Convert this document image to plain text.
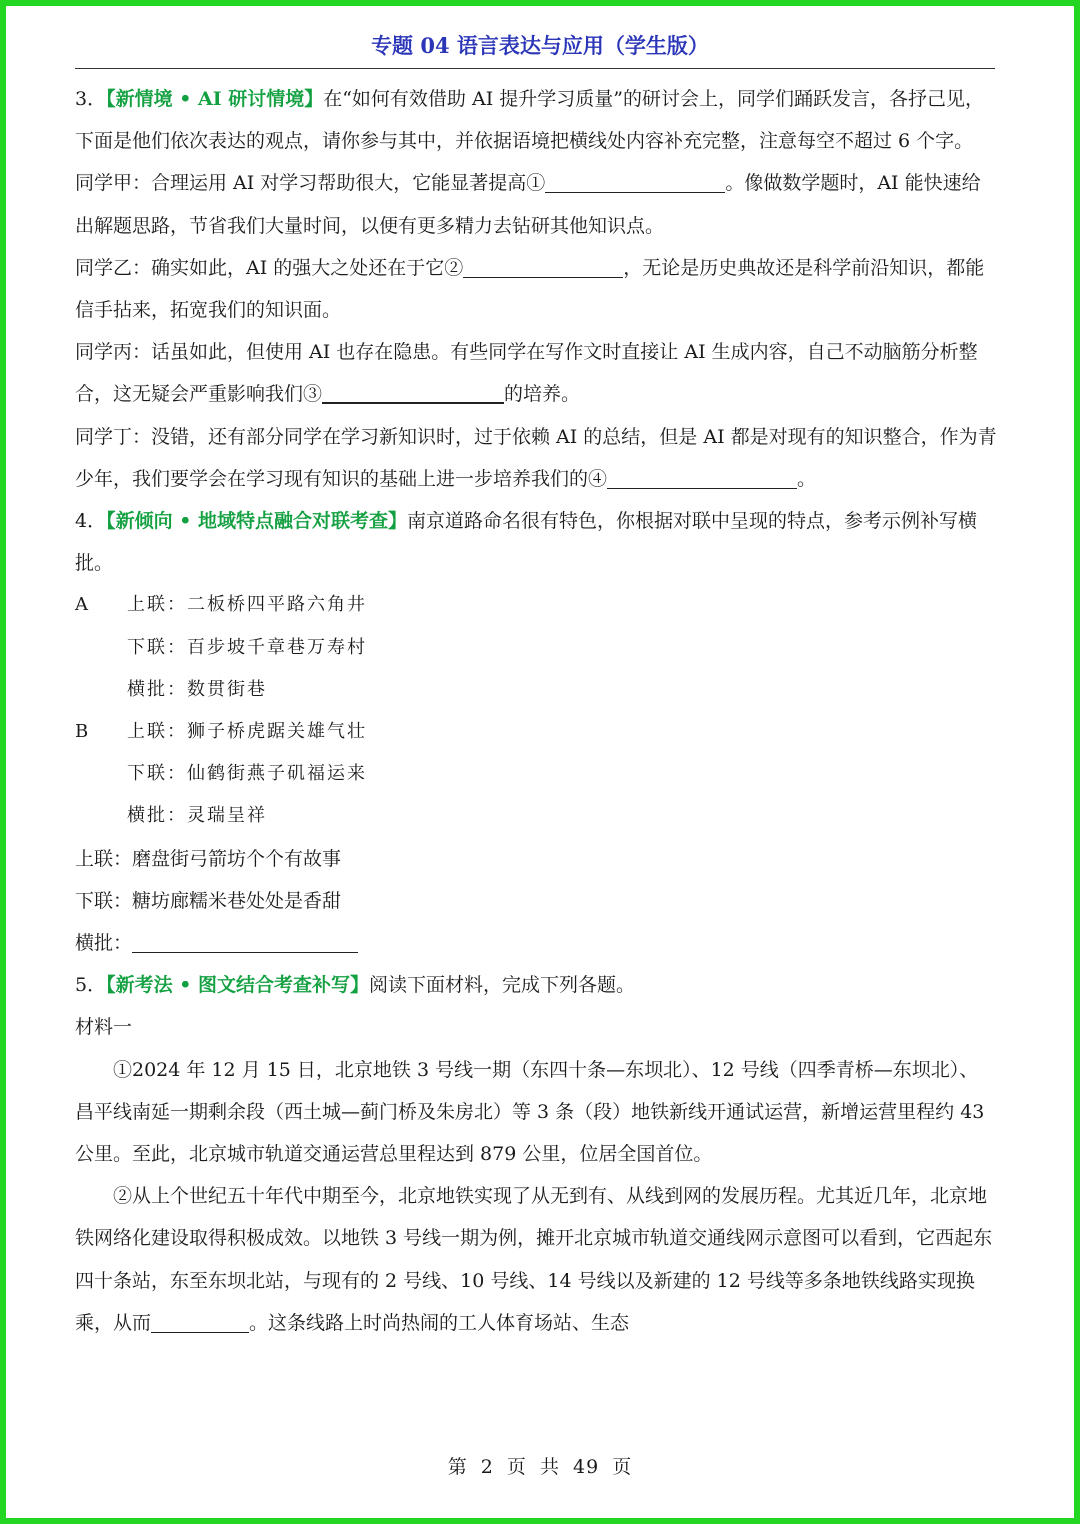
专题 04 语言表达与应用（学生版）

3．【新情境 • AI 研讨情境】在“如何有效借助 AI 提升学习质量”的研讨会上，同学们踊跃发言，各抒己见，下面是他们依次表达的观点，请你参与其中，并依据语境把横线处内容补充完整，注意每空不超过 6 个字。

同学甲：合理运用 AI 对学习帮助很大，它能显著提高①	。像做数学题时，AI 能快速给出解题思路，节省我们大量时间，以便有更多精力去钻研其他知识点。

同学乙：确实如此，AI 的强大之处还在于它②	，无论是历史典故还是科学前沿知识，都能信手拈来，拓宽我们的知识面。

同学丙：话虽如此，但使用 AI 也存在隐患。有些同学在写作文时直接让 AI 生成内容，自己不动脑筋分析整合，这无疑会严重影响我们③	的培养。

同学丁：没错，还有部分同学在学习新知识时，过于依赖 AI 的总结，但是 AI 都是对现有的知识整合，作为青少年，我们要学会在学习现有知识的基础上进一步培养我们的④	。

4．【新倾向 • 地域特点融合对联考查】南京道路命名很有特色，你根据对联中呈现的特点，参考示例补写横批。

A 上联：二板桥四平路六角井
下联：百步坡千章巷万寿村
横批：数贯街巷
B 上联：狮子桥虎踞关雄气壮
下联：仙鹤街燕子矶福运来
横批：灵瑞呈祥

上联：磨盘街弓箭坊个个有故事

下联：糖坊廊糯米巷处处是香甜

横批：

5．【新考法 • 图文结合考查补写】阅读下面材料，完成下列各题。

材料一

①2024 年 12 月 15 日，北京地铁 3 号线一期（东四十条—东坝北）、12 号线（四季青桥—东坝北）、昌平线南延一期剩余段（西土城—蓟门桥及朱房北）等 3 条（段）地铁新线开通试运营，新增运营里程约 43 公里。至此，北京城市轨道交通运营总里程达到 879 公里，位居全国首位。

②从上个世纪五十年代中期至今，北京地铁实现了从无到有、从线到网的发展历程。尤其近几年，北京地铁网络化建设取得积极成效。以地铁 3 号线一期为例，摊开北京城市轨道交通线网示意图可以看到，它西起东四十条站，东至东坝北站，与现有的 2 号线、10 号线、14 号线以及新建的 12 号线等多条地铁线路实现换乘，从而	。这条线路上时尚热闹的工人体育场站、生态

第 2 页 共 49 页
